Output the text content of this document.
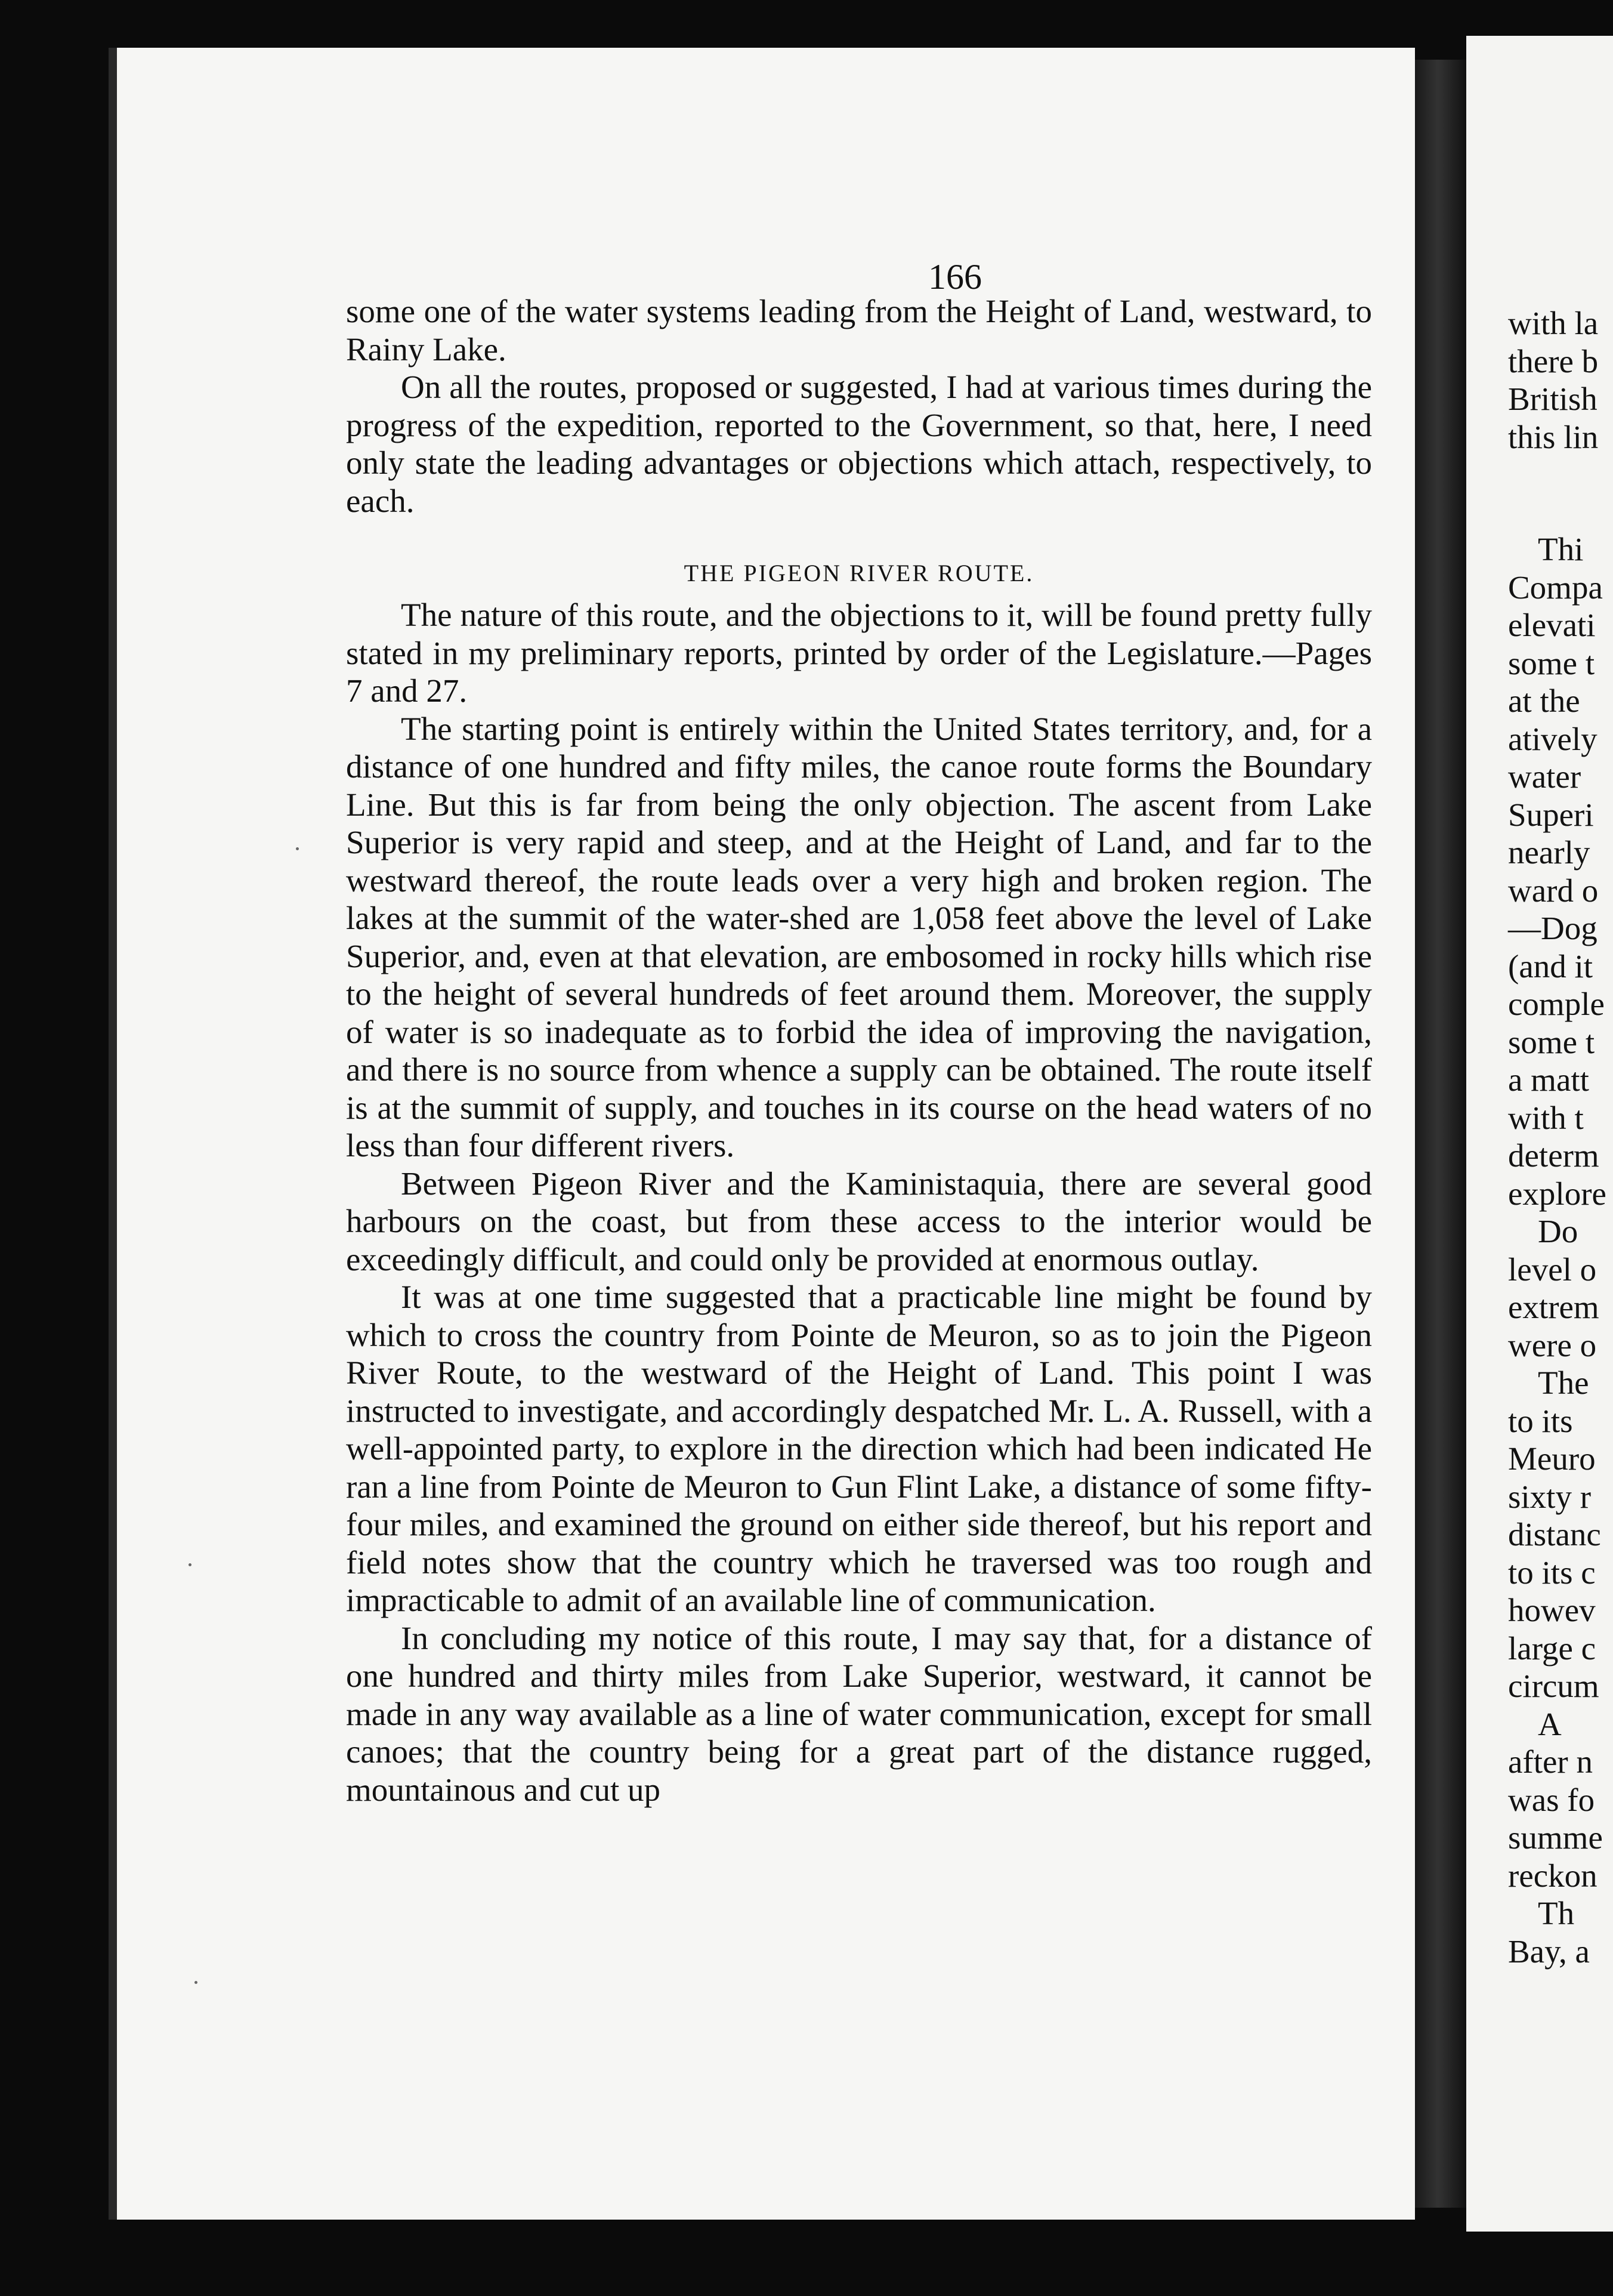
166

some one of the water systems leading from the Height of Land, westward, to Rainy Lake.

On all the routes, proposed or suggested, I had at various times during the progress of the expedition, reported to the Government, so that, here, I need only state the leading advantages or objections which attach, respectively, to each.

THE PIGEON RIVER ROUTE.

The nature of this route, and the objections to it, will be found pretty fully stated in my preliminary reports, printed by order of the Legislature.—Pages 7 and 27.

The starting point is entirely within the United States territory, and, for a distance of one hundred and fifty miles, the canoe route forms the Boundary Line. But this is far from being the only objection. The ascent from Lake Superior is very rapid and steep, and at the Height of Land, and far to the westward thereof, the route leads over a very high and broken region. The lakes at the summit of the water-shed are 1,058 feet above the level of Lake Superior, and, even at that elevation, are embosomed in rocky hills which rise to the height of several hundreds of feet around them. Moreover, the supply of water is so inadequate as to forbid the idea of improving the navigation, and there is no source from whence a supply can be obtained. The route itself is at the summit of supply, and touches in its course on the head waters of no less than four different rivers.

Between Pigeon River and the Kaministaquia, there are several good harbours on the coast, but from these access to the interior would be exceedingly difficult, and could only be provided at enormous outlay.

It was at one time suggested that a practicable line might be found by which to cross the country from Pointe de Meuron, so as to join the Pigeon River Route, to the westward of the Height of Land. This point I was instructed to investigate, and accordingly despatched Mr. L. A. Russell, with a well-appointed party, to explore in the direction which had been indicated He ran a line from Pointe de Meuron to Gun Flint Lake, a distance of some fifty-four miles, and examined the ground on either side thereof, but his report and field notes show that the country which he traversed was too rough and impracticable to admit of an available line of communication.

In concluding my notice of this route, I may say that, for a distance of one hundred and thirty miles from Lake Superior, westward, it cannot be made in any way available as a line of water communication, except for small canoes; that the country being for a great part of the distance rugged, mountainous and cut up

with la
there b
British
this lin
Thi
Compa
elevati
some t
at the
atively
water
Superi
nearly
ward o
—Dog
(and it
comple
some t
a matt
with t
determ
explore
Do
level o
extrem
were o
The
to its
Meuro
sixty r
distanc
to its c
howev
large c
circum
A
after n
was fo
summe
reckon
Th
Bay, a
